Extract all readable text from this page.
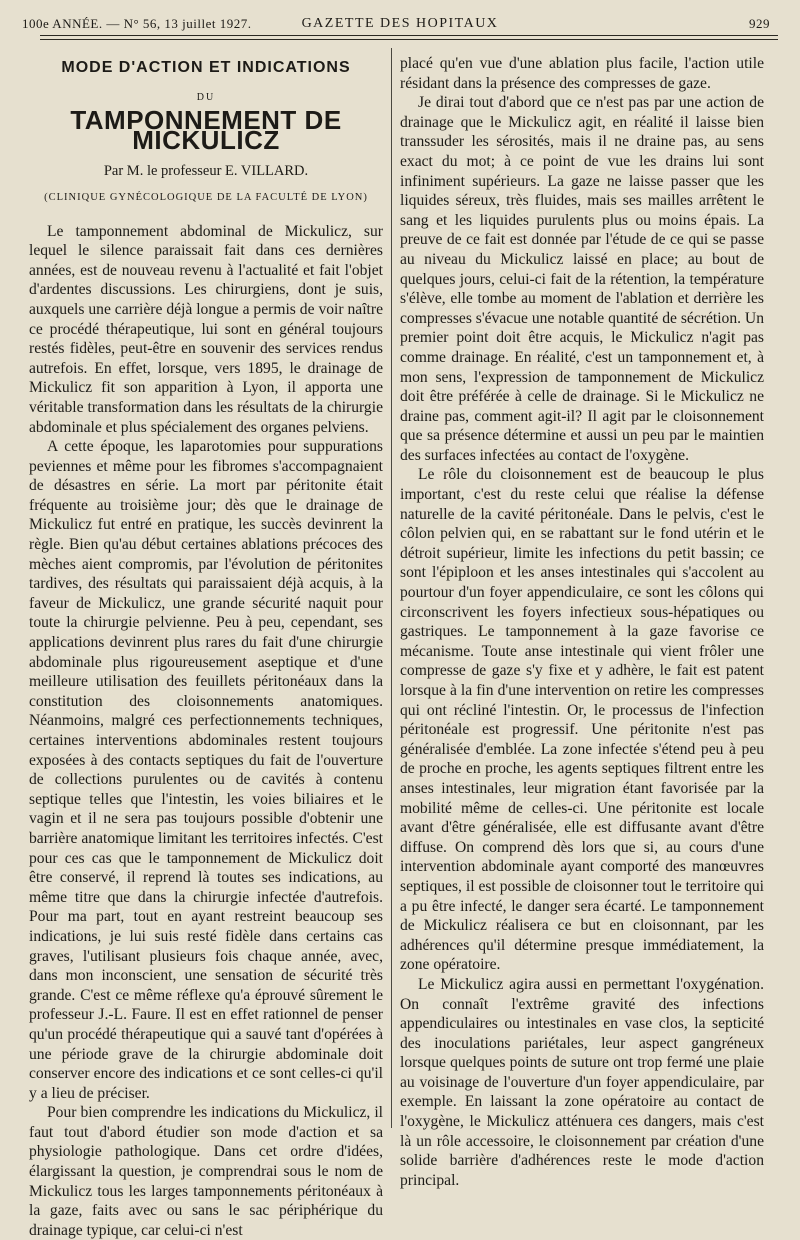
100e ANNÉE. — N° 56, 13 juillet 1927.	GAZETTE DES HOPITAUX	929
MODE D'ACTION ET INDICATIONS
DU
TAMPONNEMENT DE MICKULICZ
Par M. le professeur E. VILLARD.
(CLINIQUE GYNÉCOLOGIQUE DE LA FACULTÉ DE LYON)

Le tamponnement abdominal de Mickulicz, sur lequel le silence paraissait fait dans ces dernières années, est de nouveau revenu à l'actualité et fait l'objet d'ardentes discussions. Les chirurgiens, dont je suis, auxquels une carrière déjà longue a permis de voir naître ce procédé thérapeutique, lui sont en général toujours restés fidèles, peut-être en souvenir des services rendus autrefois. En effet, lorsque, vers 1895, le drainage de Mickulicz fit son apparition à Lyon, il apporta une véritable transformation dans les résultats de la chirurgie abdominale et plus spécialement des organes pelviens.

A cette époque, les laparotomies pour suppurations peviennes et même pour les fibromes s'accompagnaient de désastres en série. La mort par péritonite était fréquente au troisième jour; dès que le drainage de Mickulicz fut entré en pratique, les succès devinrent la règle. Bien qu'au début certaines ablations précoces des mèches aient compromis, par l'évolution de péritonites tardives, des résultats qui paraissaient déjà acquis, à la faveur de Mickulicz, une grande sécurité naquit pour toute la chirurgie pelvienne. Peu à peu, cependant, ses applications devinrent plus rares du fait d'une chirurgie abdominale plus rigoureusement aseptique et d'une meilleure utilisation des feuillets péritonéaux dans la constitution des cloisonnements anatomiques. Néanmoins, malgré ces perfectionnements techniques, certaines interventions abdominales restent toujours exposées à des contacts septiques du fait de l'ouverture de collections purulentes ou de cavités à contenu septique telles que l'intestin, les voies biliaires et le vagin et il ne sera pas toujours possible d'obtenir une barrière anatomique limitant les territoires infectés. C'est pour ces cas que le tamponnement de Mickulicz doit être conservé, il reprend là toutes ses indications, au même titre que dans la chirurgie infectée d'autrefois. Pour ma part, tout en ayant restreint beaucoup ses indications, je lui suis resté fidèle dans certains cas graves, l'utilisant plusieurs fois chaque année, avec, dans mon inconscient, une sensation de sécurité très grande. C'est ce même réflexe qu'a éprouvé sûrement le professeur J.-L. Faure. Il est en effet rationnel de penser qu'un procédé thérapeutique qui a sauvé tant d'opérées à une période grave de la chirurgie abdominale doit conserver encore des indications et ce sont celles-ci qu'il y a lieu de préciser.

Pour bien comprendre les indications du Mickulicz, il faut tout d'abord étudier son mode d'action et sa physiologie pathologique. Dans cet ordre d'idées, élargissant la question, je comprendrai sous le nom de Mickulicz tous les larges tamponnements péritonéaux à la gaze, faits avec ou sans le sac périphérique du drainage typique, car celui-ci n'est

placé qu'en vue d'une ablation plus facile, l'action utile résidant dans la présence des compresses de gaze.

Je dirai tout d'abord que ce n'est pas par une action de drainage que le Mickulicz agit, en réalité il laisse bien transsuder les sérosités, mais il ne draine pas, au sens exact du mot; à ce point de vue les drains lui sont infiniment supérieurs. La gaze ne laisse passer que les liquides séreux, très fluides, mais ses mailles arrêtent le sang et les liquides purulents plus ou moins épais. La preuve de ce fait est donnée par l'étude de ce qui se passe au niveau du Mickulicz laissé en place; au bout de quelques jours, celui-ci fait de la rétention, la température s'élève, elle tombe au moment de l'ablation et derrière les compresses s'évacue une notable quantité de sécrétion. Un premier point doit être acquis, le Mickulicz n'agit pas comme drainage. En réalité, c'est un tamponnement et, à mon sens, l'expression de tamponnement de Mickulicz doit être préférée à celle de drainage. Si le Mickulicz ne draine pas, comment agit-il? Il agit par le cloisonnement que sa présence détermine et aussi un peu par le maintien des surfaces infectées au contact de l'oxygène.

Le rôle du cloisonnement est de beaucoup le plus important, c'est du reste celui que réalise la défense naturelle de la cavité péritonéale. Dans le pelvis, c'est le côlon pelvien qui, en se rabattant sur le fond utérin et le détroit supérieur, limite les infections du petit bassin; ce sont l'épiploon et les anses intestinales qui s'accolent au pourtour d'un foyer appendiculaire, ce sont les côlons qui circonscrivent les foyers infectieux sous-hépatiques ou gastriques. Le tamponnement à la gaze favorise ce mécanisme. Toute anse intestinale qui vient frôler une compresse de gaze s'y fixe et y adhère, le fait est patent lorsque à la fin d'une intervention on retire les compresses qui ont récliné l'intestin. Or, le processus de l'infection péritonéale est progressif. Une péritonite n'est pas généralisée d'emblée. La zone infectée s'étend peu à peu de proche en proche, les agents septiques filtrent entre les anses intestinales, leur migration étant favorisée par la mobilité même de celles-ci. Une péritonite est locale avant d'être généralisée, elle est diffusante avant d'être diffuse. On comprend dès lors que si, au cours d'une intervention abdominale ayant comporté des manœuvres septiques, il est possible de cloisonner tout le territoire qui a pu être infecté, le danger sera écarté. Le tamponnement de Mickulicz réalisera ce but en cloisonnant, par les adhérences qu'il détermine presque immédiatement, la zone opératoire.

Le Mickulicz agira aussi en permettant l'oxygénation. On connaît l'extrême gravité des infections appendiculaires ou intestinales en vase clos, la septicité des inoculations pariétales, leur aspect gangréneux lorsque quelques points de suture ont trop fermé une plaie au voisinage de l'ouverture d'un foyer appendiculaire, par exemple. En laissant la zone opératoire au contact de l'oxygène, le Mickulicz atténuera ces dangers, mais c'est là un rôle accessoire, le cloisonnement par création d'une solide barrière d'adhérences reste le mode d'action principal.
